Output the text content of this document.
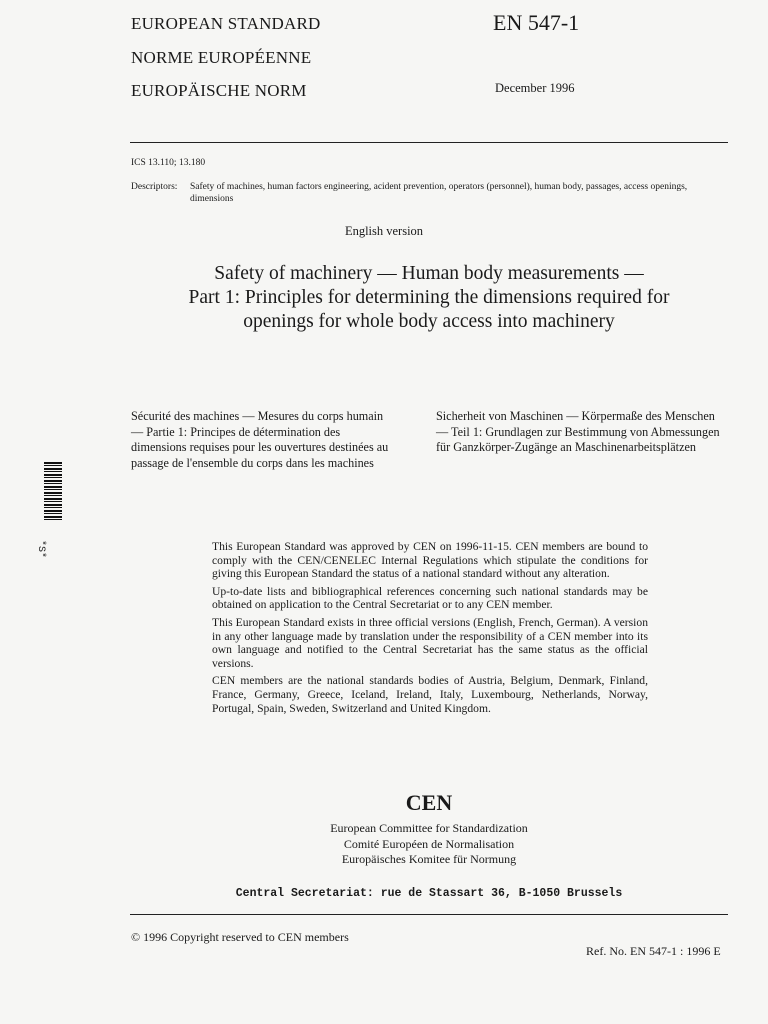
EUROPEAN STANDARD
NORME EUROPÉENNE
EUROPÄISCHE NORM
EN 547-1
December 1996
ICS 13.110; 13.180
Descriptors: Safety of machines, human factors engineering, acident prevention, operators (personnel), human body, passages, access openings, dimensions
English version
Safety of machinery — Human body measurements —
Part 1: Principles for determining the dimensions required for
openings for whole body access into machinery
Sécurité des machines — Mesures du corps humain — Partie 1: Principes de détermination des dimensions requises pour les ouvertures destinées au passage de l'ensemble du corps dans les machines
Sicherheit von Maschinen — Körpermaße des Menschen — Teil 1: Grundlagen zur Bestimmung von Abmessungen für Ganzkörper-Zugänge an Maschinenarbeitsplätzen
*S*	This European Standard was approved by CEN on 1996-11-15. CEN members are bound to comply with the CEN/CENELEC Internal Regulations which stipulate the conditions for giving this European Standard the status of a national standard without any alteration.

Up-to-date lists and bibliographical references concerning such national standards may be obtained on application to the Central Secretariat or to any CEN member.

This European Standard exists in three official versions (English, French, German). A version in any other language made by translation under the responsibility of a CEN member into its own language and notified to the Central Secretariat has the same status as the official versions.

CEN members are the national standards bodies of Austria, Belgium, Denmark, Finland, France, Germany, Greece, Iceland, Ireland, Italy, Luxembourg, Netherlands, Norway, Portugal, Spain, Sweden, Switzerland and United Kingdom.

CEN
European Committee for Standardization
Comité Européen de Normalisation
Europäisches Komitee für Normung
Central Secretariat: rue de Stassart 36, B-1050 Brussels
© 1996 Copyright reserved to CEN members
Ref. No. EN 547-1 : 1996 E
